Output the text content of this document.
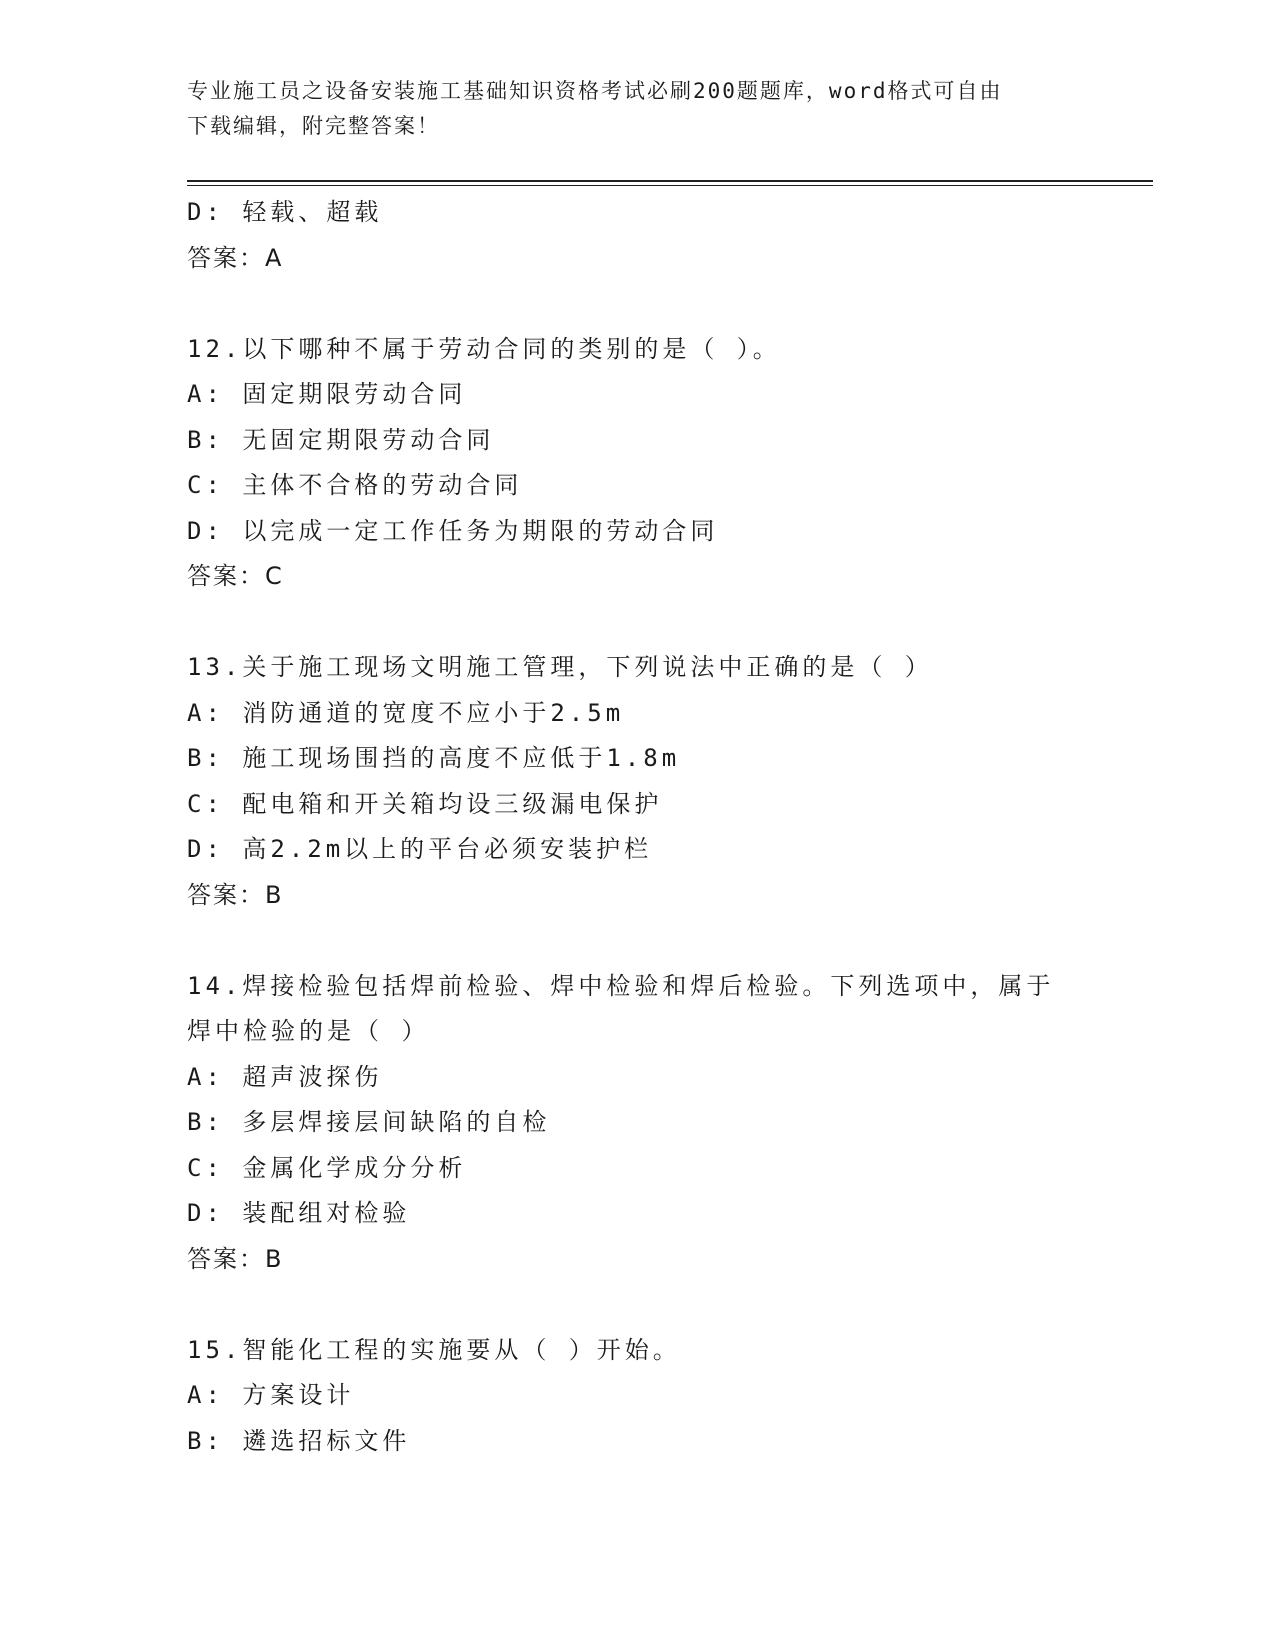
专业施工员之设备安装施工基础知识资格考试必刷200题题库，word格式可自由
下载编辑，附完整答案！
D: 轻载、超载
答案：A
12.以下哪种不属于劳动合同的类别的是（ ）。
A: 固定期限劳动合同
B: 无固定期限劳动合同
C: 主体不合格的劳动合同
D: 以完成一定工作任务为期限的劳动合同
答案：C
13.关于施工现场文明施工管理，下列说法中正确的是（ ）
A: 消防通道的宽度不应小于2.5m
B: 施工现场围挡的高度不应低于1.8m
C: 配电箱和开关箱均设三级漏电保护
D: 高2.2m以上的平台必须安装护栏
答案：B
14.焊接检验包括焊前检验、焊中检验和焊后检验。下列选项中，属于
焊中检验的是（ ）
A: 超声波探伤
B: 多层焊接层间缺陷的自检
C: 金属化学成分分析
D: 装配组对检验
答案：B
15.智能化工程的实施要从（ ）开始。
A: 方案设计
B: 遴选招标文件
